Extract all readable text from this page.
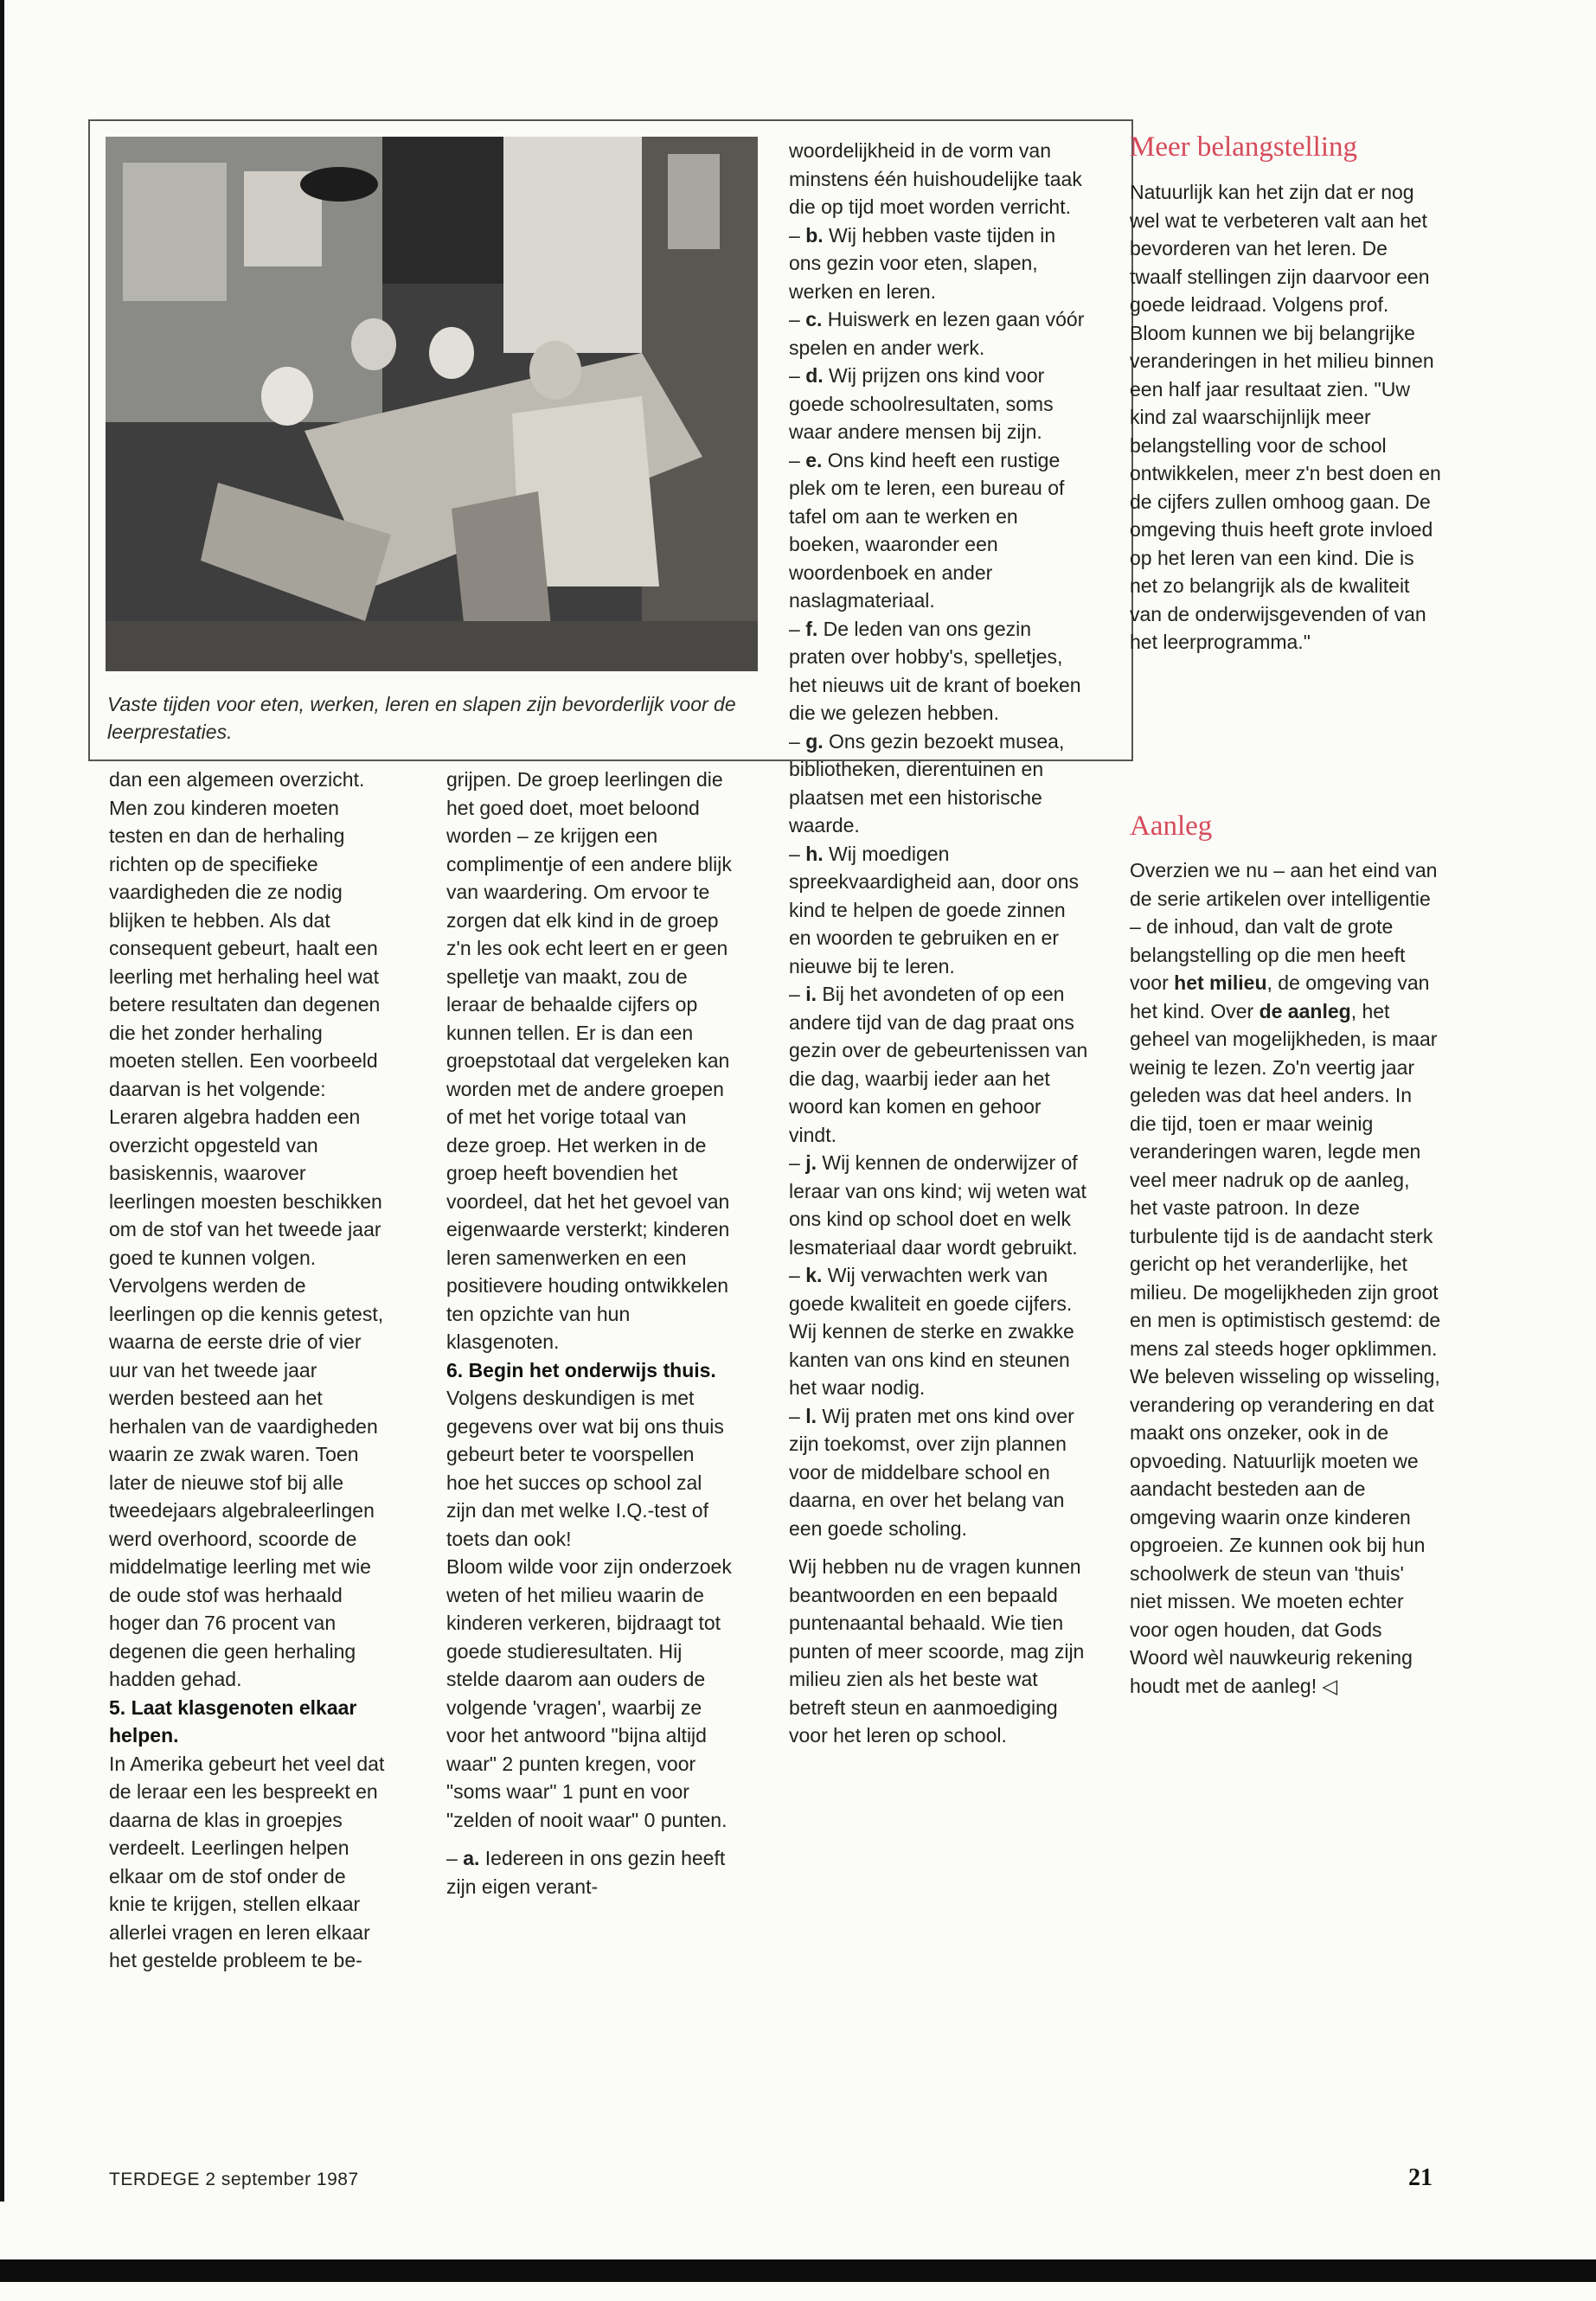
Vaste tijden voor eten, werken, leren en slapen zijn bevorderlijk voor de leerprestaties.

dan een algemeen overzicht. Men zou kinderen moeten testen en dan de herhaling richten op de specifieke vaardigheden die ze nodig blijken te hebben. Als dat consequent gebeurt, haalt een leerling met herhaling heel wat betere resultaten dan degenen die het zonder herhaling moeten stellen. Een voorbeeld daarvan is het volgende:

Leraren algebra hadden een overzicht opgesteld van basiskennis, waarover leerlingen moesten beschikken om de stof van het tweede jaar goed te kunnen volgen. Vervolgens werden de leerlingen op die kennis getest, waarna de eerste drie of vier uur van het tweede jaar werden besteed aan het herhalen van de vaardigheden waarin ze zwak waren. Toen later de nieuwe stof bij alle tweedejaars algebraleerlingen werd overhoord, scoorde de middelmatige leerling met wie de oude stof was herhaald hoger dan 76 procent van degenen die geen herhaling hadden gehad.

5. Laat klasgenoten elkaar helpen.

In Amerika gebeurt het veel dat de leraar een les bespreekt en daarna de klas in groepjes verdeelt. Leerlingen helpen elkaar om de stof onder de knie te krijgen, stellen elkaar allerlei vragen en leren elkaar het gestelde probleem te be-

grijpen. De groep leerlingen die het goed doet, moet beloond worden – ze krijgen een complimentje of een andere blijk van waardering. Om ervoor te zorgen dat elk kind in de groep z'n les ook echt leert en er geen spelletje van maakt, zou de leraar de behaalde cijfers op kunnen tellen. Er is dan een groepstotaal dat vergeleken kan worden met de andere groepen of met het vorige totaal van deze groep. Het werken in de groep heeft bovendien het voordeel, dat het het gevoel van eigenwaarde versterkt; kinderen leren samenwerken en een positievere houding ontwikkelen ten opzichte van hun klasgenoten.

6. Begin het onderwijs thuis.

Volgens deskundigen is met gegevens over wat bij ons thuis gebeurt beter te voorspellen hoe het succes op school zal zijn dan met welke I.Q.-test of toets dan ook!

Bloom wilde voor zijn onderzoek weten of het milieu waarin de kinderen verkeren, bijdraagt tot goede studieresultaten. Hij stelde daarom aan ouders de volgende 'vragen', waarbij ze voor het antwoord "bijna altijd waar" 2 punten kregen, voor "soms waar" 1 punt en voor "zelden of nooit waar" 0 punten.

– a. Iedereen in ons gezin heeft zijn eigen verant-

woordelijkheid in de vorm van minstens één huishoudelijke taak die op tijd moet worden verricht.

– b. Wij hebben vaste tijden in ons gezin voor eten, slapen, werken en leren.

– c. Huiswerk en lezen gaan vóór spelen en ander werk.

– d. Wij prijzen ons kind voor goede schoolresultaten, soms waar andere mensen bij zijn.

– e. Ons kind heeft een rustige plek om te leren, een bureau of tafel om aan te werken en boeken, waaronder een woordenboek en ander naslagmateriaal.

– f. De leden van ons gezin praten over hobby's, spelletjes, het nieuws uit de krant of boeken die we gelezen hebben.

– g. Ons gezin bezoekt musea, bibliotheken, dierentuinen en plaatsen met een historische waarde.

– h. Wij moedigen spreekvaardigheid aan, door ons kind te helpen de goede zinnen en woorden te gebruiken en er nieuwe bij te leren.

– i. Bij het avondeten of op een andere tijd van de dag praat ons gezin over de gebeurtenissen van die dag, waarbij ieder aan het woord kan komen en gehoor vindt.

– j. Wij kennen de onderwijzer of leraar van ons kind; wij weten wat ons kind op school doet en welk lesmateriaal daar wordt gebruikt.

– k. Wij verwachten werk van goede kwaliteit en goede cijfers. Wij kennen de sterke en zwakke kanten van ons kind en steunen het waar nodig.

– l. Wij praten met ons kind over zijn toekomst, over zijn plannen voor de middelbare school en daarna, en over het belang van een goede scholing.

Wij hebben nu de vragen kunnen beantwoorden en een bepaald puntenaantal behaald. Wie tien punten of meer scoorde, mag zijn milieu zien als het beste wat betreft steun en aanmoediging voor het leren op school.

Meer belangstelling

Natuurlijk kan het zijn dat er nog wel wat te verbeteren valt aan het bevorderen van het leren. De twaalf stellingen zijn daarvoor een goede leidraad. Volgens prof. Bloom kunnen we bij belangrijke veranderingen in het milieu binnen een half jaar resultaat zien. "Uw kind zal waarschijnlijk meer belangstelling voor de school ontwikkelen, meer z'n best doen en de cijfers zullen omhoog gaan. De omgeving thuis heeft grote invloed op het leren van een kind. Die is net zo belangrijk als de kwaliteit van de onderwijsgevenden of van het leerprogramma."

Aanleg

Overzien we nu – aan het eind van de serie artikelen over intelligentie – de inhoud, dan valt de grote belangstelling op die men heeft voor het milieu, de omgeving van het kind. Over de aanleg, het geheel van mogelijkheden, is maar weinig te lezen. Zo'n veertig jaar geleden was dat heel anders. In die tijd, toen er maar weinig veranderingen waren, legde men veel meer nadruk op de aanleg, het vaste patroon. In deze turbulente tijd is de aandacht sterk gericht op het veranderlijke, het milieu. De mogelijkheden zijn groot en men is optimistisch gestemd: de mens zal steeds hoger opklimmen. We beleven wisseling op wisseling, verandering op verandering en dat maakt ons onzeker, ook in de opvoeding. Natuurlijk moeten we aandacht besteden aan de omgeving waarin onze kinderen opgroeien. Ze kunnen ook bij hun schoolwerk de steun van 'thuis' niet missen. We moeten echter voor ogen houden, dat Gods Woord wèl nauwkeurig rekening houdt met de aanleg! ◁

TERDEGE 2 september 1987	21
